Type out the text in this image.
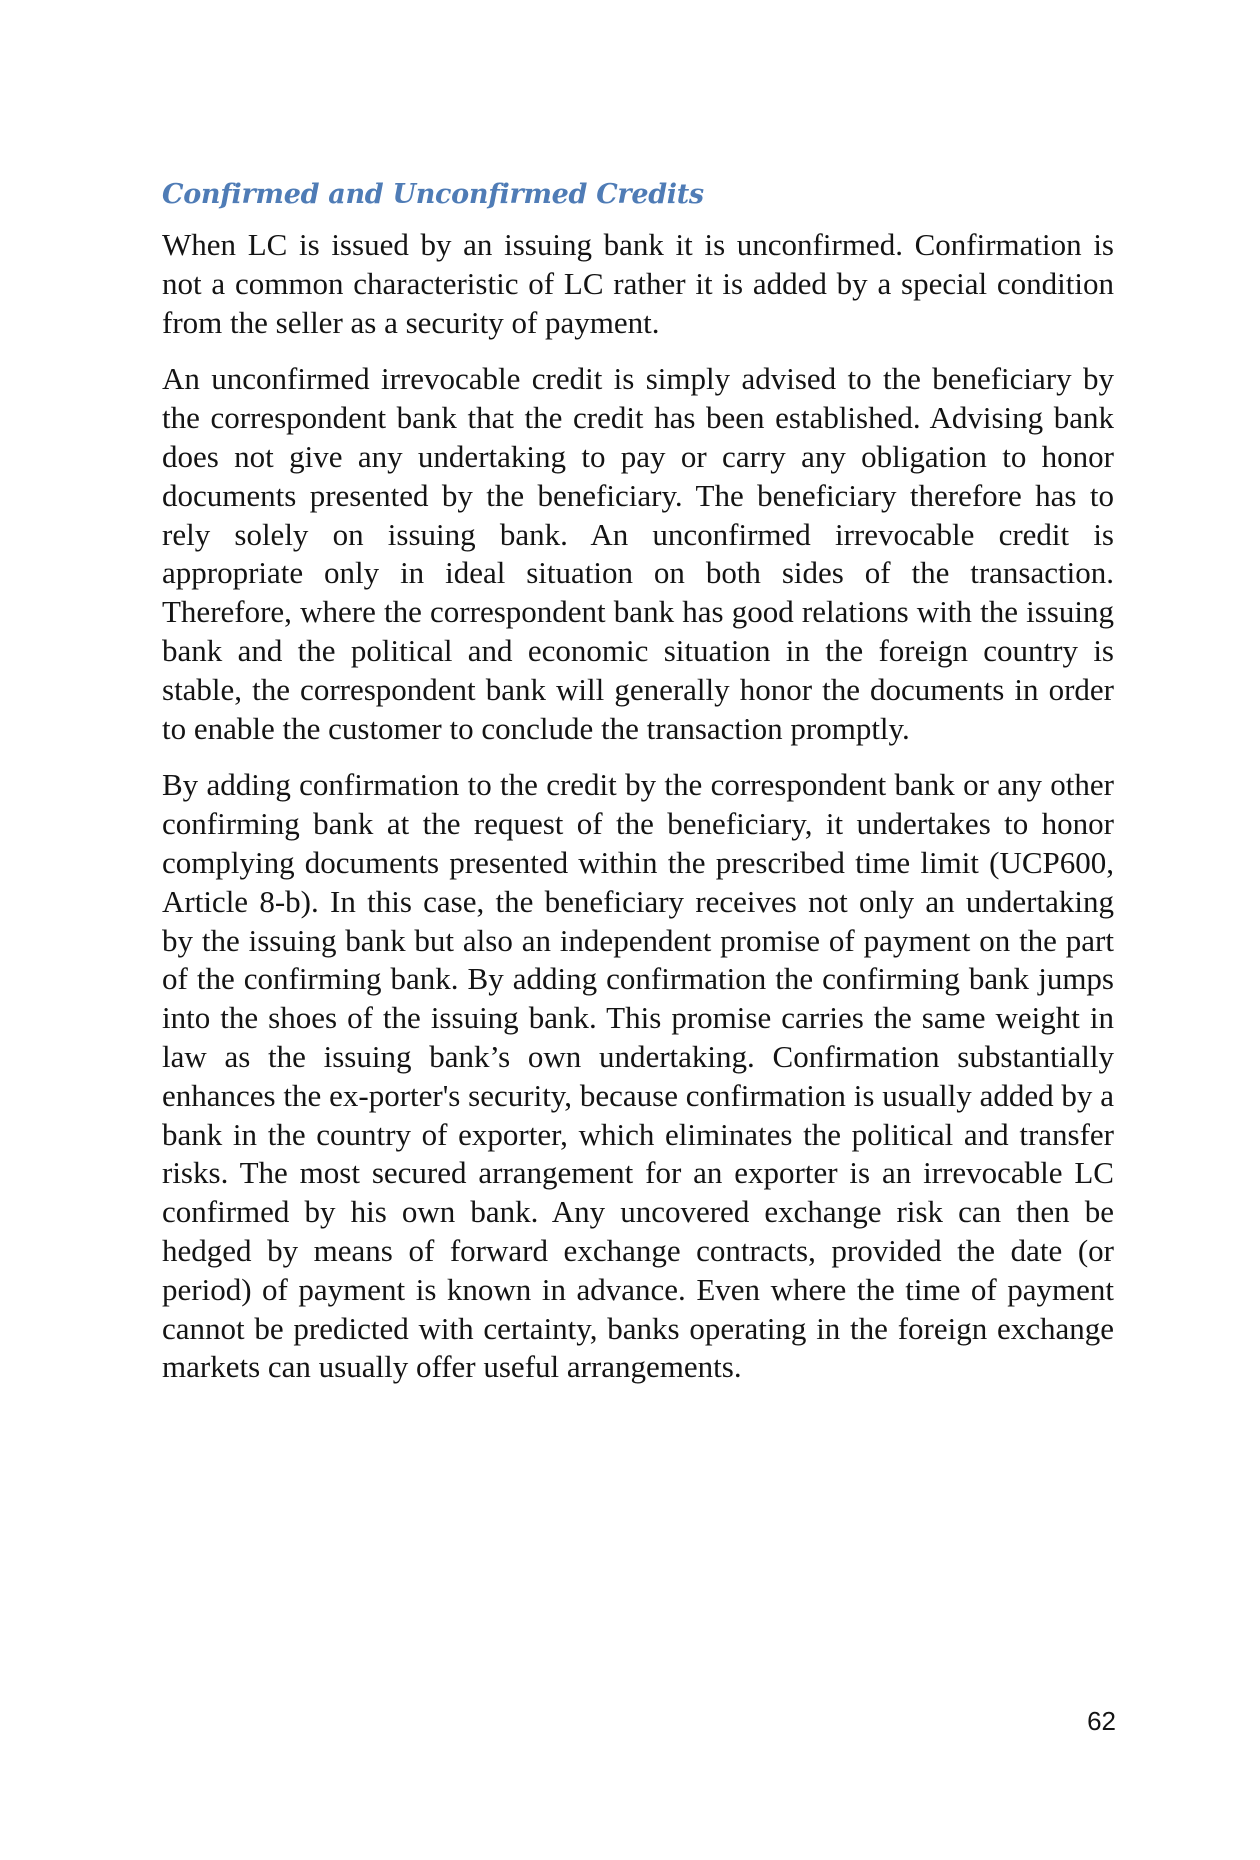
Confirmed and Unconfirmed Credits

When LC is issued by an issuing bank it is unconfirmed. Confirmation is not a common characteristic of LC rather it is added by a special condition from the seller as a security of payment.

An unconfirmed irrevocable credit is simply advised to the beneficiary by the correspondent bank that the credit has been established. Advising bank does not give any undertaking to pay or carry any obligation to honor documents presented by the beneficiary. The beneficiary therefore has to rely solely on issuing bank. An unconfirmed irrevocable credit is appropriate only in ideal situation on both sides of the transaction. Therefore, where the correspondent bank has good relations with the issuing bank and the political and economic situation in the foreign country is stable, the correspondent bank will generally honor the documents in order to enable the customer to conclude the transaction promptly.

By adding confirmation to the credit by the correspondent bank or any other confirming bank at the request of the beneficiary, it undertakes to honor complying documents presented within the prescribed time limit (UCP600, Article 8-b). In this case, the beneficiary receives not only an undertaking by the issuing bank but also an independent promise of payment on the part of the confirming bank. By adding confirmation the confirming bank jumps into the shoes of the issuing bank. This promise carries the same weight in law as the issuing bank’s own undertaking. Confirmation substantially enhances the ex-porter's security, because confirmation is usually added by a bank in the country of exporter, which eliminates the political and transfer risks. The most secured arrangement for an exporter is an irrevocable LC confirmed by his own bank. Any uncovered exchange risk can then be hedged by means of forward exchange contracts, provided the date (or period) of payment is known in advance. Even where the time of payment cannot be predicted with certainty, banks operating in the foreign exchange markets can usually offer useful arrangements.

62
